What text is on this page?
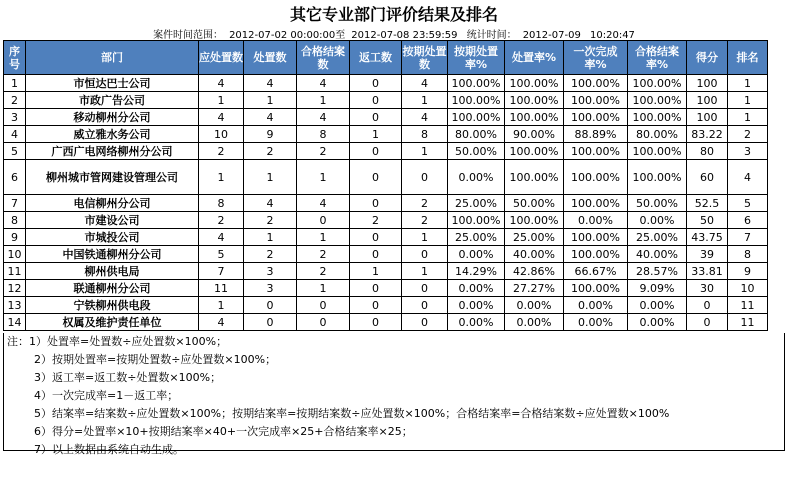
其它专业部门评价结果及排名
案件时间范围： 2012-07-02 00:00:00至 2012-07-08 23:59:59 统计时间： 2012-07-09 10:20:47
序号	部门	应处置数	处置数	合格结案数	返工数	按期处置数	按期处置率%	处置率%	一次完成率%	合格结案率%	得分	排名
1	市恒达巴士公司	4	4	4	0	4	100.00%	100.00%	100.00%	100.00%	100	1
2	市政广告公司	1	1	1	0	1	100.00%	100.00%	100.00%	100.00%	100	1
3	移动柳州分公司	4	4	4	0	4	100.00%	100.00%	100.00%	100.00%	100	1
4	威立雅水务公司	10	9	8	1	8	80.00%	90.00%	88.89%	80.00%	83.22	2
5	广西广电网络柳州分公司	2	2	2	0	1	50.00%	100.00%	100.00%	100.00%	80	3
6	柳州城市管网建设管理公司	1	1	1	0	0	0.00%	100.00%	100.00%	100.00%	60	4
7	电信柳州分公司	8	4	4	0	2	25.00%	50.00%	100.00%	50.00%	52.5	5
8	市建设公司	2	2	0	2	2	100.00%	100.00%	0.00%	0.00%	50	6
9	市城投公司	4	1	1	0	1	25.00%	25.00%	100.00%	25.00%	43.75	7
10	中国铁通柳州分公司	5	2	2	0	0	0.00%	40.00%	100.00%	40.00%	39	8
11	柳州供电局	7	3	2	1	1	14.29%	42.86%	66.67%	28.57%	33.81	9
12	联通柳州分公司	11	3	1	0	0	0.00%	27.27%	100.00%	9.09%	30	10
13	宁铁柳州供电段	1	0	0	0	0	0.00%	0.00%	0.00%	0.00%	0	11
14	权属及维护责任单位	4	0	0	0	0	0.00%	0.00%	0.00%	0.00%	0	11
注：1）处置率=处置数÷应处置数×100%；
2）按期处置率=按期处置数÷应处置数×100%；
3）返工率=返工数÷处置数×100%；
4）一次完成率=1－返工率；
5）结案率=结案数÷应处置数×100%；按期结案率=按期结案数÷应处置数×100%；合格结案率=合格结案数÷应处置数×100%
6）得分=处置率×10+按期结案率×40+一次完成率×25+合格结案率×25；
7）以上数据由系统自动生成。
